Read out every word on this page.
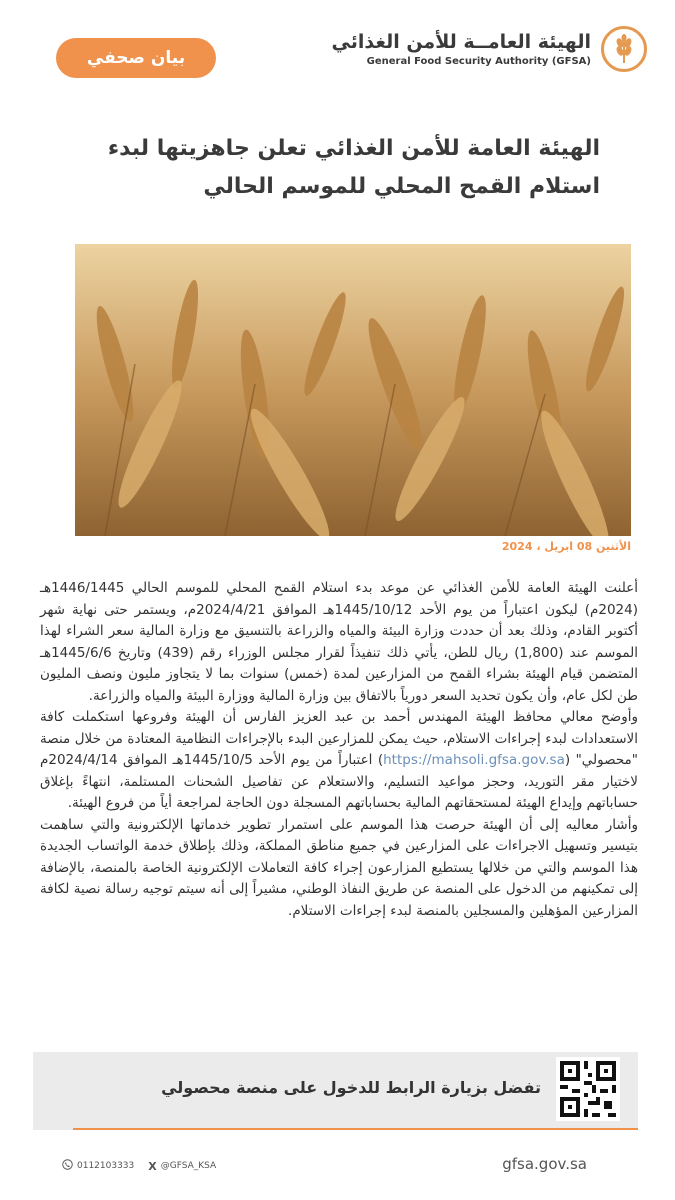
بيان صحفي
الهيئة العامــة للأمن الغذائي
General Food Security Authority (GFSA)
الهيئة العامة للأمن الغذائي تعلن جاهزيتها لبدء استلام القمح المحلي للموسم الحالي
الأثنين 08 ابريل ، 2024

أعلنت الهيئة العامة للأمن الغذائي عن موعد بدء استلام القمح المحلي للموسم الحالي 1446/1445هـ (2024م) ليكون اعتباراً من يوم الأحد 1445/10/12هـ الموافق 2024/4/21م، ويستمر حتى نهاية شهر أكتوبر القادم، وذلك بعد أن حددت وزارة البيئة والمياه والزراعة بالتنسيق مع وزارة المالية سعر الشراء لهذا الموسم عند (1,800) ريال للطن، يأتي ذلك تنفيذاً لقرار مجلس الوزراء رقم (439) وتاريخ 1445/6/6هـ المتضمن قيام الهيئة بشراء القمح من المزارعين لمدة (خمس) سنوات بما لا يتجاوز مليون ونصف المليون طن لكل عام، وأن يكون تحديد السعر دورياً بالاتفاق بين وزارة المالية ووزارة البيئة والمياه والزراعة.

وأوضح معالي محافظ الهيئة المهندس أحمد بن عبد العزيز الفارس أن الهيئة وفروعها استكملت كافة الاستعدادات لبدء إجراءات الاستلام، حيث يمكن للمزارعين البدء بالإجراءات النظامية المعتادة من خلال منصة "محصولي" (https://mahsoli.gfsa.gov.sa) اعتباراً من يوم الأحد 1445/10/5هـ الموافق 2024/4/14م لاختيار مقر التوريد، وحجز مواعيد التسليم، والاستعلام عن تفاصيل الشحنات المستلمة، انتهاءً بإغلاق حساباتهم وإيداع الهيئة لمستحقاتهم المالية بحساباتهم المسجلة دون الحاجة لمراجعة أياً من فروع الهيئة.

وأشار معاليه إلى أن الهيئة حرصت هذا الموسم على استمرار تطوير خدماتها الإلكترونية والتي ساهمت بتيسير وتسهيل الاجراءات على المزارعين في جميع مناطق المملكة، وذلك بإطلاق خدمة الواتساب الجديدة هذا الموسم والتي من خلالها يستطيع المزارعون إجراء كافة التعاملات الإلكترونية الخاصة بالمنصة، بالإضافة إلى تمكينهم من الدخول على المنصة عن طريق النفاذ الوطني، مشيراً إلى أنه سيتم توجيه رسالة نصية لكافة المزارعين المؤهلين والمسجلين بالمنصة لبدء إجراءات الاستلام.

تفضل بزيارة الرابط للدخول على منصة محصولي
gfsa.gov.sa
0112103333 X @GFSA_KSA
